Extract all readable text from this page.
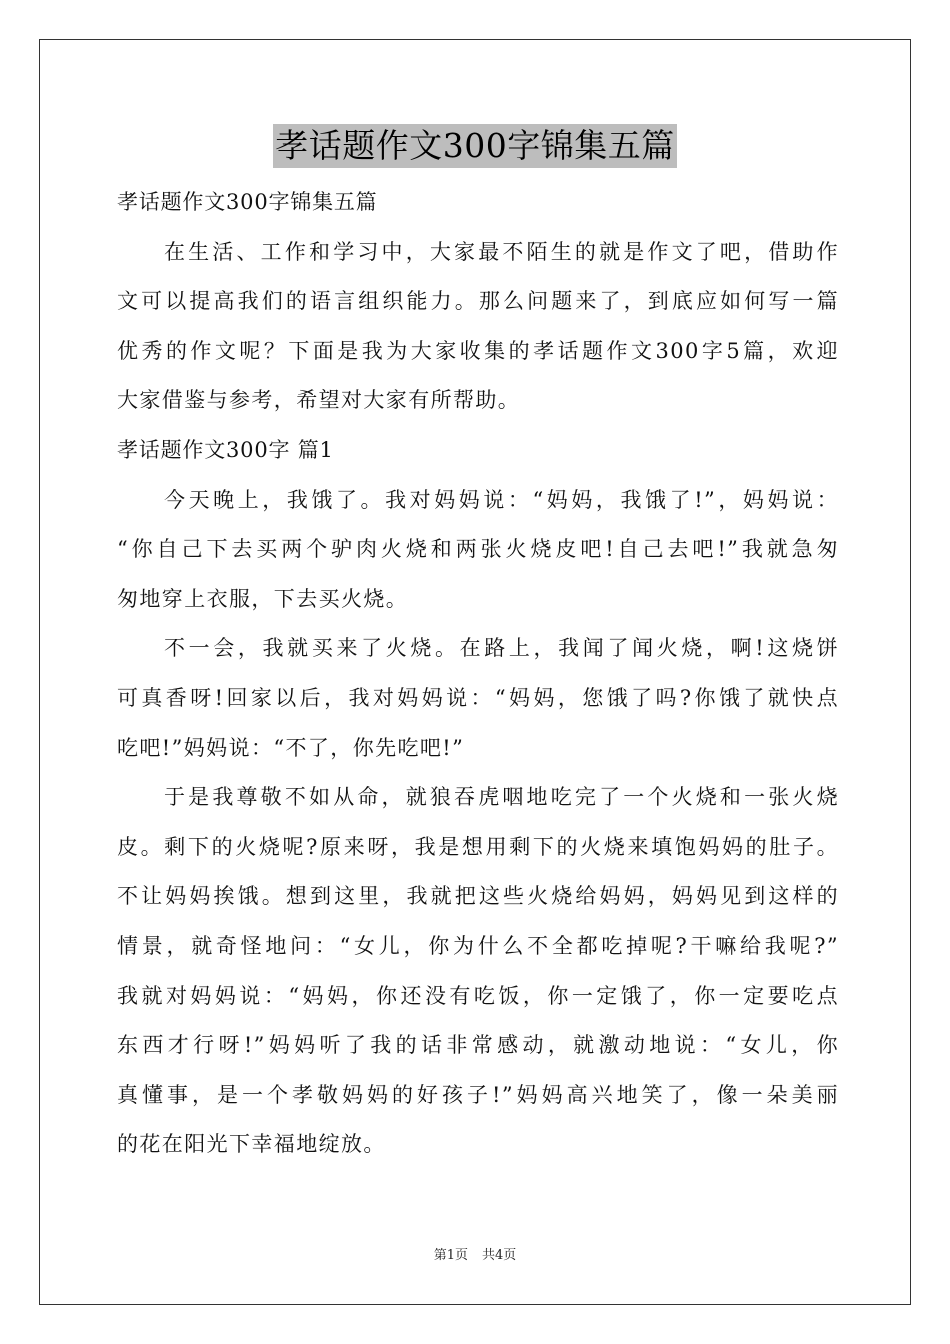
孝话题作文300字锦集五篇
孝话题作文300字锦集五篇
在生活、工作和学习中，大家最不陌生的就是作文了吧，借助作
文可以提高我们的语言组织能力。那么问题来了，到底应如何写一篇
优秀的作文呢？下面是我为大家收集的孝话题作文300字5篇，欢迎
大家借鉴与参考，希望对大家有所帮助。
孝话题作文300字 篇1
今天晚上，我饿了。我对妈妈说：“妈妈，我饿了!”，妈妈说：
“你自己下去买两个驴肉火烧和两张火烧皮吧!自己去吧!”我就急匆
匆地穿上衣服，下去买火烧。
不一会，我就买来了火烧。在路上，我闻了闻火烧，啊!这烧饼
可真香呀!回家以后，我对妈妈说：“妈妈，您饿了吗?你饿了就快点
吃吧!”妈妈说：“不了，你先吃吧!”
于是我尊敬不如从命，就狼吞虎咽地吃完了一个火烧和一张火烧
皮。剩下的火烧呢?原来呀，我是想用剩下的火烧来填饱妈妈的肚子。
不让妈妈挨饿。想到这里，我就把这些火烧给妈妈，妈妈见到这样的
情景，就奇怪地问：“女儿，你为什么不全都吃掉呢?干嘛给我呢?”
我就对妈妈说：“妈妈，你还没有吃饭，你一定饿了，你一定要吃点
东西才行呀!”妈妈听了我的话非常感动，就激动地说：“女儿，你
真懂事，是一个孝敬妈妈的好孩子!”妈妈高兴地笑了，像一朵美丽
的花在阳光下幸福地绽放。
第1页 共4页
